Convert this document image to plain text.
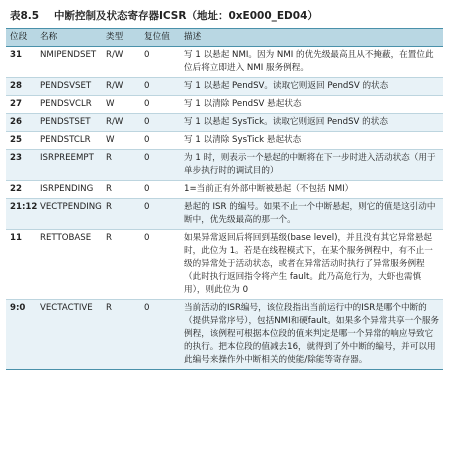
表8.5 中断控制及状态寄存器ICSR（地址：0xE000_ED04）
位段	名称	类型	复位值	描述
31	NMIPENDSET	R/W	0	写 1 以悬起 NMI。因为 NMI 的优先级最高且从不掩蔽，在置位此位后将立即进入 NMI 服务例程。
28	PENDSVSET	R/W	0	写 1 以悬起 PendSV。读取它则返回 PendSV 的状态
27	PENDSVCLR	W	0	写 1 以清除 PendSV 悬起状态
26	PENDSTSET	R/W	0	写 1 以悬起 SysTick。读取它则返回 PendSV 的状态
25	PENDSTCLR	W	0	写 1 以清除 SysTick 悬起状态
23	ISRPREEMPT	R	0	为 1 时，则表示一个悬起的中断将在下一步时进入活动状态（用于单步执行时的调试目的）
22	ISRPENDING	R	0	1=当前正有外部中断被悬起（不包括 NMI）
21:12	VECTPENDING	R	0	悬起的 ISR 的编号。如果不止一个中断悬起，则它的值是这引动中断中，优先级最高的那一个。
11	RETTOBASE	R	0	如果异常返回后将回到基级(base level)，并且没有其它异常悬起时，此位为 1。若是在线程模式下，在某个服务例程中，有不止一级的异常处于活动状态，或者在异常活动时执行了异常服务例程（此时执行返回指令将产生 fault。此乃高危行为，大虾也需慎用），则此位为 0
9:0	VECTACTIVE	R	0	当前活动的ISR编号，该位段指出当前运行中的ISR是哪个中断的（提供异常序号），包括NMI和硬fault。如果多个异常共享一个服务例程，该例程可根据本位段的值来判定是哪一个异常的响应导致它的执行。把本位段的值减去16，就得到了外中断的编号，并可以用此编号来操作外中断相关的使能/除能等寄存器。
